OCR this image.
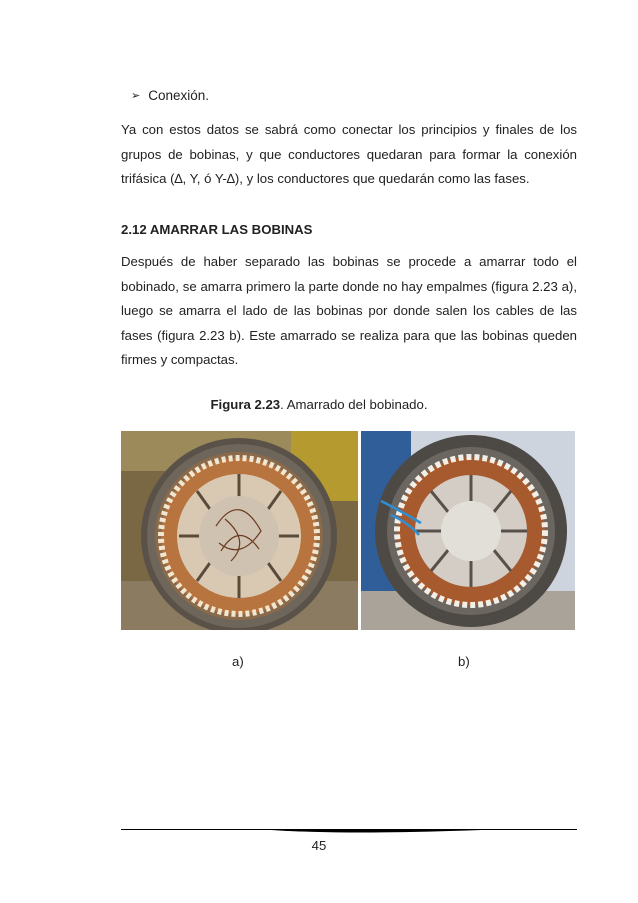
➢ Conexión.
Ya con estos datos se sabrá como conectar los principios y finales de los grupos de bobinas, y que conductores quedaran para formar la conexión trifásica (∆, Y, ó Y-∆), y los conductores que quedarán como las fases.
2.12 AMARRAR LAS BOBINAS
Después de haber separado las bobinas se procede a amarrar todo el bobinado, se amarra primero la parte donde no hay empalmes (figura 2.23 a), luego se amarra el lado de las bobinas por donde salen los cables de las fases (figura 2.23 b). Este amarrado se realiza para que las bobinas queden firmes y compactas.
Figura 2.23. Amarrado del bobinado.
a)	b)
45
